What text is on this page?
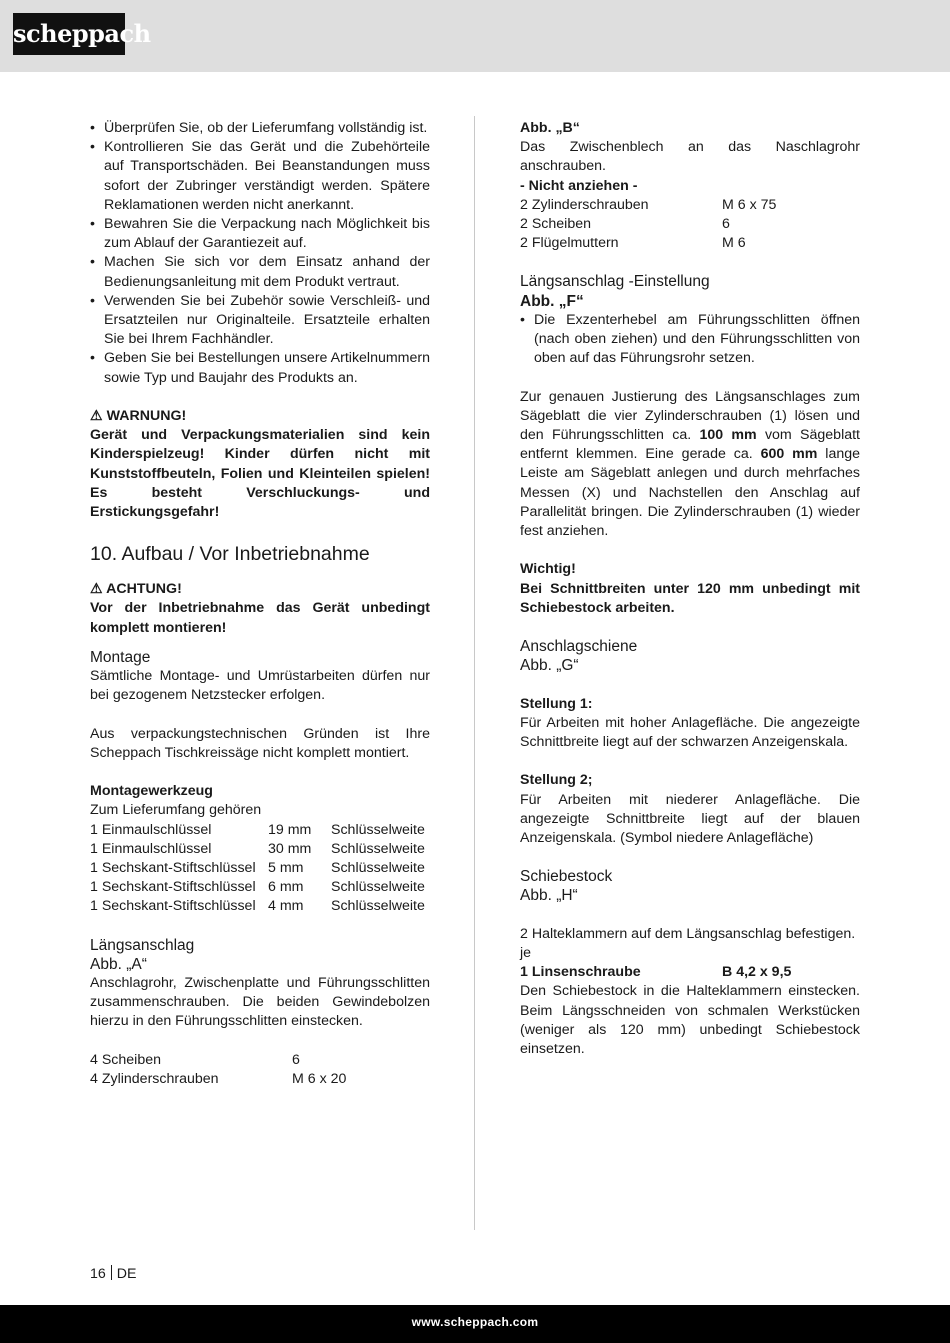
scheppach
• Überprüfen Sie, ob der Lieferumfang vollständig ist.
• Kontrollieren Sie das Gerät und die Zubehörteile auf Transportschäden. Bei Beanstandungen muss sofort der Zubringer verständigt werden. Spätere Reklamationen werden nicht anerkannt.
• Bewahren Sie die Verpackung nach Möglichkeit bis zum Ablauf der Garantiezeit auf.
• Machen Sie sich vor dem Einsatz anhand der Bedienungsanleitung mit dem Produkt vertraut.
• Verwenden Sie bei Zubehör sowie Verschleiß- und Ersatzteilen nur Originalteile. Ersatzteile erhalten Sie bei Ihrem Fachhändler.
• Geben Sie bei Bestellungen unsere Artikelnummern sowie Typ und Baujahr des Produkts an.

⚠ WARNUNG!

Gerät und Verpackungsmaterialien sind kein Kinderspielzeug! Kinder dürfen nicht mit Kunststoffbeuteln, Folien und Kleinteilen spielen! Es besteht Verschluckungs- und Erstickungsgefahr!

10. Aufbau / Vor Inbetriebnahme

⚠ ACHTUNG!

Vor der Inbetriebnahme das Gerät unbedingt komplett montieren!

Montage

Sämtliche Montage- und Umrüstarbeiten dürfen nur bei gezogenem Netzstecker erfolgen.

Aus verpackungstechnischen Gründen ist Ihre Scheppach Tischkreissäge nicht komplett montiert.

Montagewerkzeug

Zum Lieferumfang gehören

1 Einmaulschlüssel	19 mm	Schlüsselweite
1 Einmaulschlüssel	30 mm	Schlüsselweite
1 Sechskant-Stiftschlüssel 5 mm	Schlüsselweite
1 Sechskant-Stiftschlüssel 6 mm	Schlüsselweite
1 Sechskant-Stiftschlüssel 4 mm	Schlüsselweite

Längsanschlag

Abb. „A“

Anschlagrohr, Zwischenplatte und Führungsschlitten zusammenschrauben. Die beiden Gewindebolzen hierzu in den Führungsschlitten einstecken.

4 Scheiben	6
4 Zylinderschrauben	M 6 x 20

Abb. „B“

Das Zwischenblech an das Naschlagrohr anschrauben.

- Nicht anziehen -

2 Zylinderschrauben	M 6 x 75
2 Scheiben	6
2 Flügelmuttern	M 6

Längsanschlag -Einstellung

Abb. „F“

• Die Exzenterhebel am Führungsschlitten öffnen (nach oben ziehen) und den Führungsschlitten von oben auf das Führungsrohr setzen.

Zur genauen Justierung des Längsanschlages zum Sägeblatt die vier Zylinderschrauben (1) lösen und den Führungsschlitten ca. 100 mm vom Sägeblatt entfernt klemmen. Eine gerade ca. 600 mm lange Leiste am Sägeblatt anlegen und durch mehrfaches Messen (X) und Nachstellen den Anschlag auf Parallelität bringen. Die Zylinderschrauben (1) wieder fest anziehen.

Wichtig!

Bei Schnittbreiten unter 120 mm unbedingt mit Schiebestock arbeiten.

Anschlagschiene

Abb. „G“

Stellung 1:

Für Arbeiten mit hoher Anlagefläche. Die angezeigte Schnittbreite liegt auf der schwarzen Anzeigenskala.

Stellung 2;

Für Arbeiten mit niederer Anlagefläche. Die angezeigte Schnittbreite liegt auf der blauen Anzeigenskala. (Symbol niedere Anlagefläche)

Schiebestock

Abb. „H“

2 Halteklammern auf dem Längsanschlag befestigen. je

1 Linsenschraube	B 4,2 x 9,5

Den Schiebestock in die Halteklammern einstecken. Beim Längsschneiden von schmalen Werkstücken (weniger als 120 mm) unbedingt Schiebestock einsetzen.

16 DE
www.scheppach.com
